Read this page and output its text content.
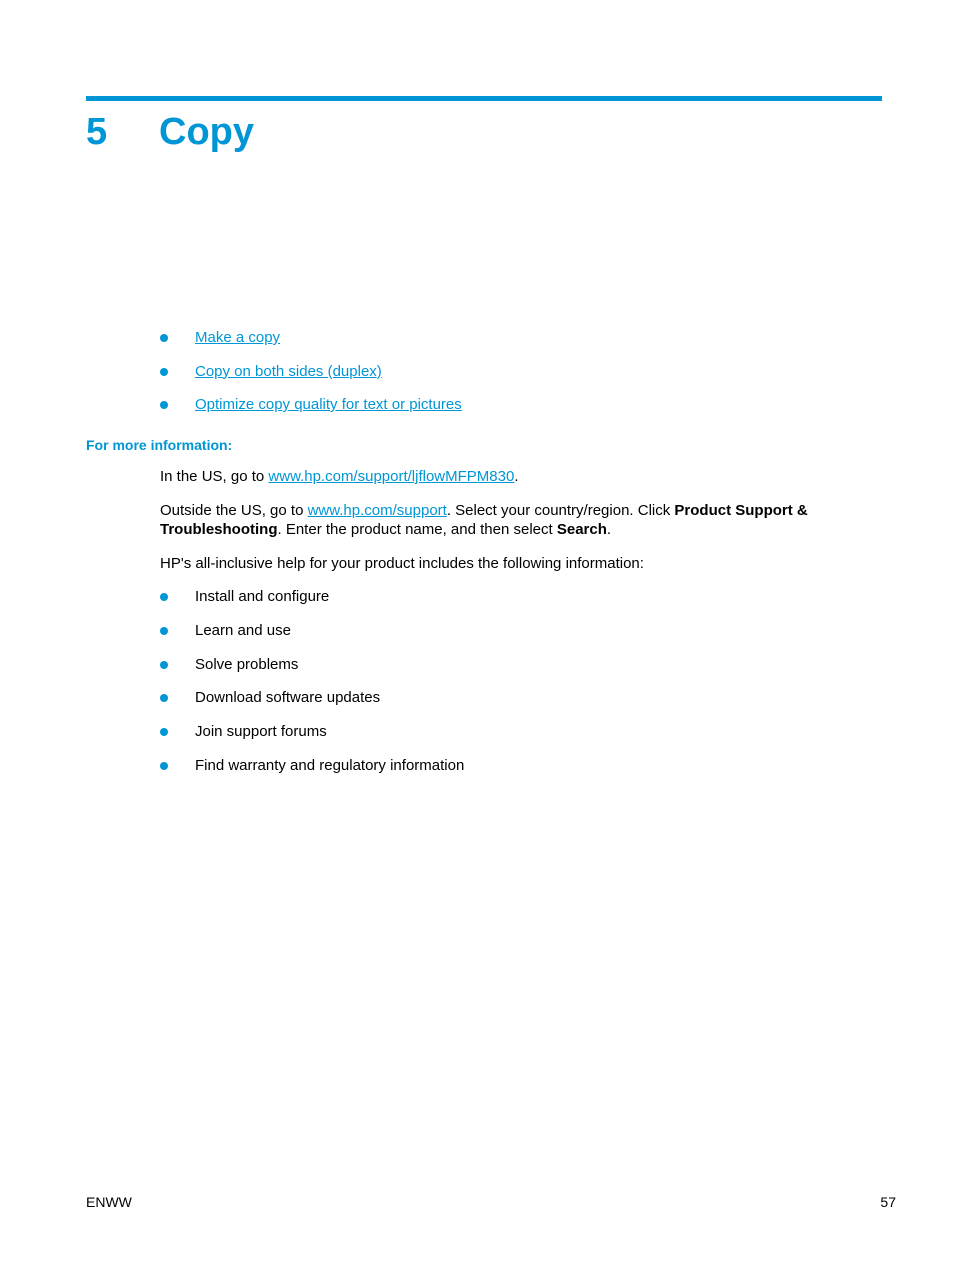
5 Copy
Make a copy
Copy on both sides (duplex)
Optimize copy quality for text or pictures
For more information:
In the US, go to www.hp.com/support/ljflowMFPM830.
Outside the US, go to www.hp.com/support. Select your country/region. Click Product Support & Troubleshooting. Enter the product name, and then select Search.
HP's all-inclusive help for your product includes the following information:
Install and configure
Learn and use
Solve problems
Download software updates
Join support forums
Find warranty and regulatory information
ENWW	57
